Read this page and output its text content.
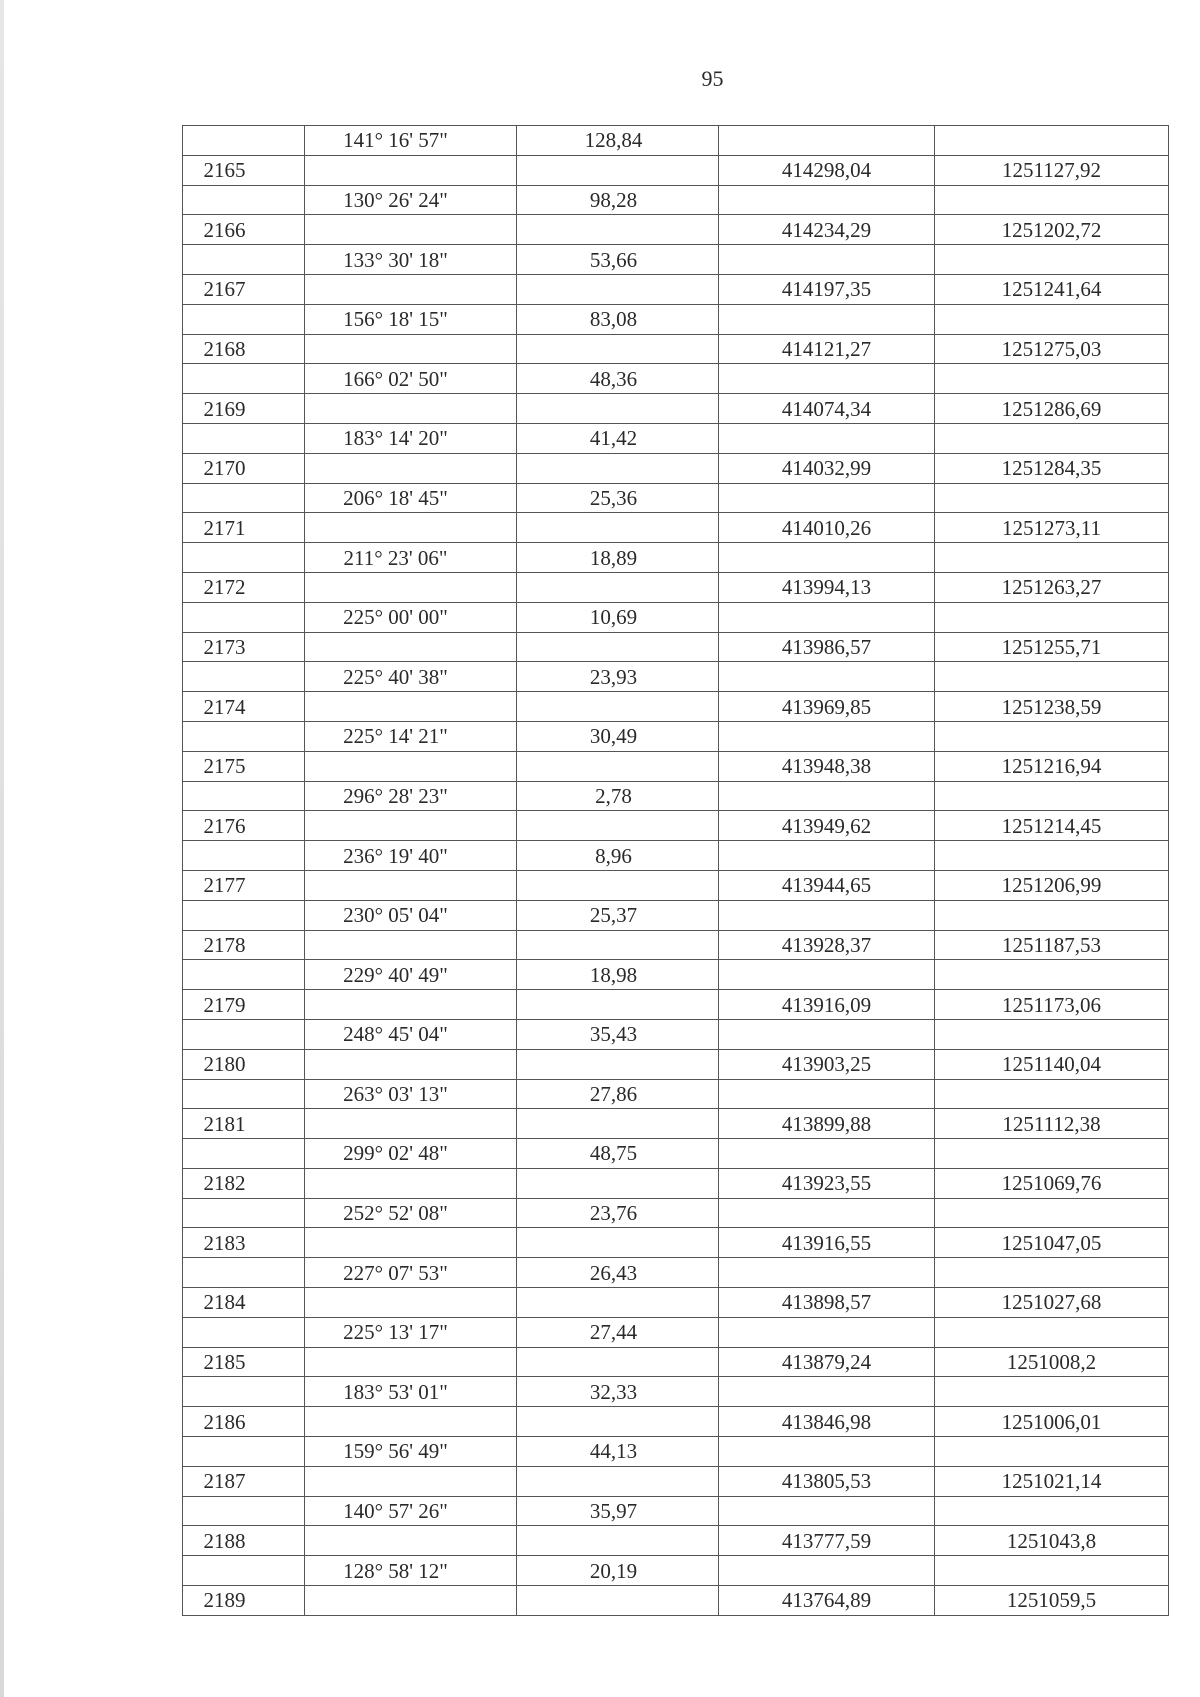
95
	141° 16' 57"	128,84		
2165			414298,04	1251127,92
	130° 26' 24"	98,28		
2166			414234,29	1251202,72
	133° 30' 18"	53,66		
2167			414197,35	1251241,64
	156° 18' 15"	83,08		
2168			414121,27	1251275,03
	166° 02' 50"	48,36		
2169			414074,34	1251286,69
	183° 14' 20"	41,42		
2170			414032,99	1251284,35
	206° 18' 45"	25,36		
2171			414010,26	1251273,11
	211° 23' 06"	18,89		
2172			413994,13	1251263,27
	225° 00' 00"	10,69		
2173			413986,57	1251255,71
	225° 40' 38"	23,93		
2174			413969,85	1251238,59
	225° 14' 21"	30,49		
2175			413948,38	1251216,94
	296° 28' 23"	2,78		
2176			413949,62	1251214,45
	236° 19' 40"	8,96		
2177			413944,65	1251206,99
	230° 05' 04"	25,37		
2178			413928,37	1251187,53
	229° 40' 49"	18,98		
2179			413916,09	1251173,06
	248° 45' 04"	35,43		
2180			413903,25	1251140,04
	263° 03' 13"	27,86		
2181			413899,88	1251112,38
	299° 02' 48"	48,75		
2182			413923,55	1251069,76
	252° 52' 08"	23,76		
2183			413916,55	1251047,05
	227° 07' 53"	26,43		
2184			413898,57	1251027,68
	225° 13' 17"	27,44		
2185			413879,24	1251008,2
	183° 53' 01"	32,33		
2186			413846,98	1251006,01
	159° 56' 49"	44,13		
2187			413805,53	1251021,14
	140° 57' 26"	35,97		
2188			413777,59	1251043,8
	128° 58' 12"	20,19		
2189			413764,89	1251059,5
